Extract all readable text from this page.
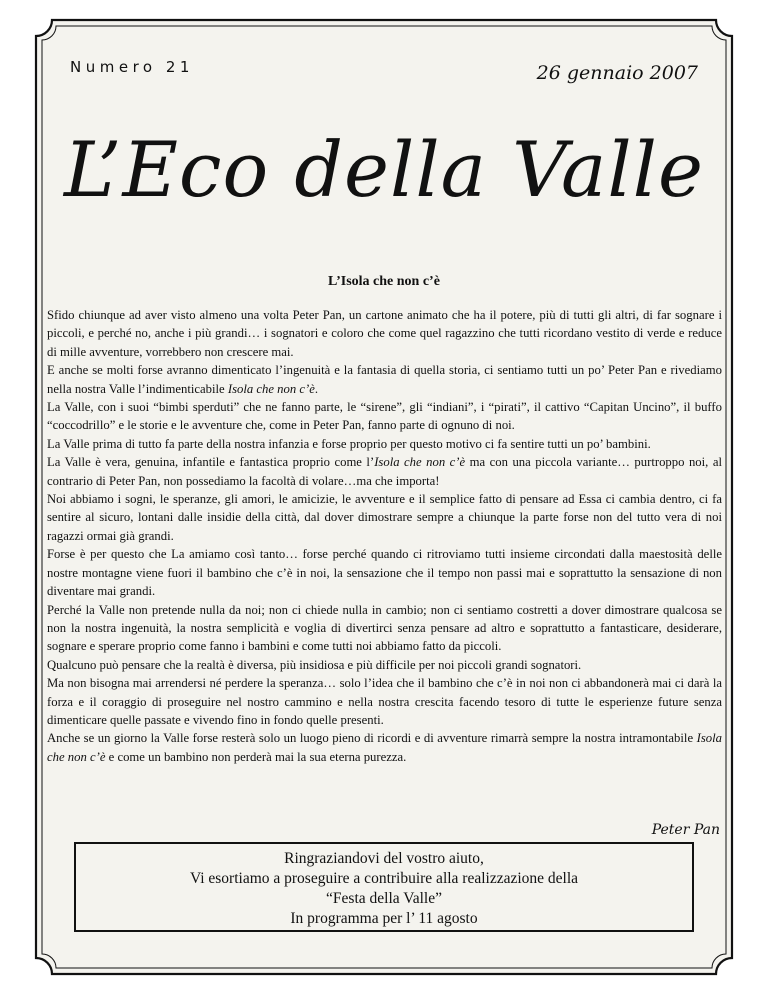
Numero 21	26 gennaio 2007
L’Eco della Valle
L’Isola che non c’è

Sfido chiunque ad aver visto almeno una volta Peter Pan, un cartone animato che ha il potere, più di tutti gli altri, di far sognare i piccoli, e perché no, anche i più grandi… i sognatori e coloro che come quel ragazzino che tutti ricordano vestito di verde e reduce di mille avventure, vorrebbero non crescere mai.

E anche se molti forse avranno dimenticato l’ingenuità e la fantasia di quella storia, ci sentiamo tutti un po’ Peter Pan e rivediamo nella nostra Valle l’indimenticabile Isola che non c’è.

La Valle, con i suoi “bimbi sperduti” che ne fanno parte, le “sirene”, gli “indiani”, i “pirati”, il cattivo “Capitan Uncino”, il buffo “coccodrillo” e le storie e le avventure che, come in Peter Pan, fanno parte di ognuno di noi.

La Valle prima di tutto fa parte della nostra infanzia e forse proprio per questo motivo ci fa sentire tutti un po’ bambini.

La Valle è vera, genuina, infantile e fantastica proprio come l’Isola che non c’è ma con una piccola variante… purtroppo noi, al contrario di Peter Pan, non possediamo la facoltà di volare…ma che importa!

Noi abbiamo i sogni, le speranze, gli amori, le amicizie, le avventure e il semplice fatto di pensare ad Essa ci cambia dentro, ci fa sentire al sicuro, lontani dalle insidie della città, dal dover dimostrare sempre a chiunque la parte forse non del tutto vera di noi ragazzi ormai già grandi.

Forse è per questo che La amiamo così tanto… forse perché quando ci ritroviamo tutti insieme circondati dalla maestosità delle nostre montagne viene fuori il bambino che c’è in noi, la sensazione che il tempo non passi mai e soprattutto la sensazione di non diventare mai grandi.

Perché la Valle non pretende nulla da noi; non ci chiede nulla in cambio; non ci sentiamo costretti a dover dimostrare qualcosa se non la nostra ingenuità, la nostra semplicità e voglia di divertirci senza pensare ad altro e soprattutto a fantasticare, desiderare, sognare e sperare proprio come fanno i bambini e come tutti noi abbiamo fatto da piccoli.

Qualcuno può pensare che la realtà è diversa, più insidiosa e più difficile per noi piccoli grandi sognatori.

Ma non bisogna mai arrendersi né perdere la speranza… solo l’idea che il bambino che c’è in noi non ci abbandonerà mai ci darà la forza e il coraggio di proseguire nel nostro cammino e nella nostra crescita facendo tesoro di tutte le esperienze future senza dimenticare quelle passate e vivendo fino in fondo quelle presenti.

Anche se un giorno la Valle forse resterà solo un luogo pieno di ricordi e di avventure rimarrà sempre la nostra intramontabile Isola che non c’è e come un bambino non perderà mai la sua eterna purezza.

Peter Pan
Ringraziandovi del vostro aiuto,
Vi esortiamo a proseguire a contribuire alla realizzazione della
“Festa della Valle”
In programma per l’ 11 agosto
